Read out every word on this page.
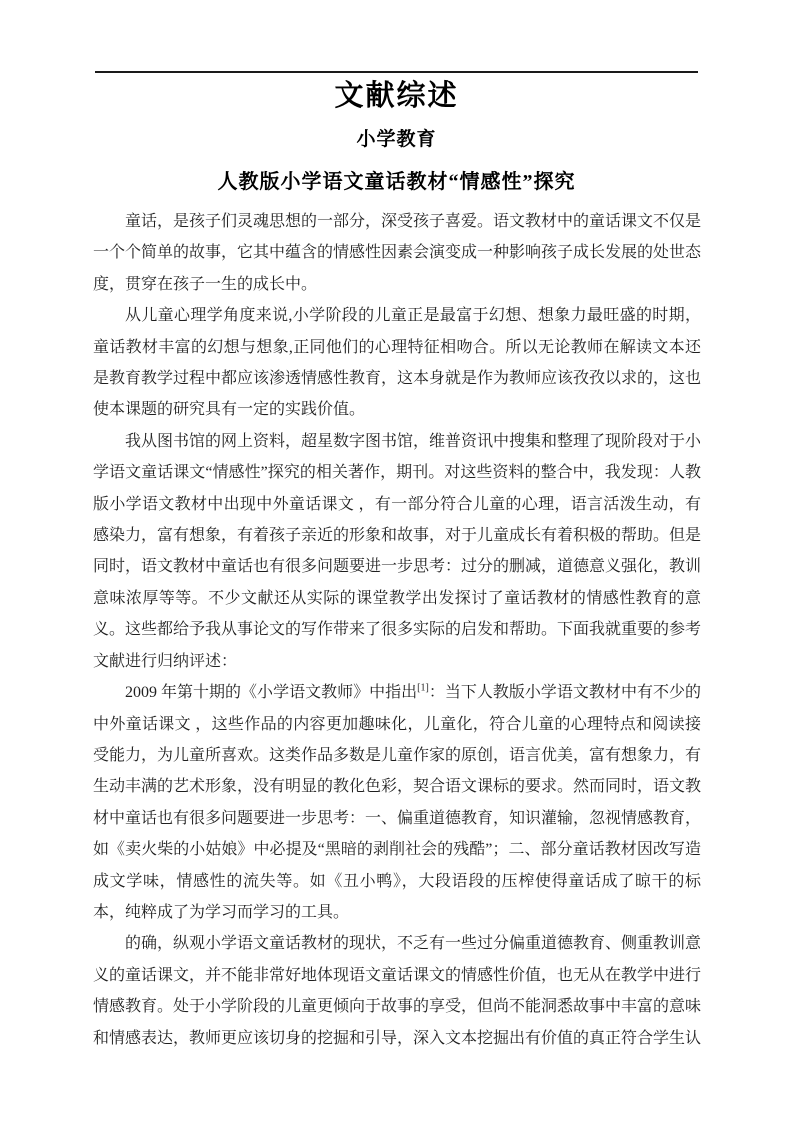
文献综述
小学教育
人教版小学语文童话教材“情感性”探究

童话，是孩子们灵魂思想的一部分，深受孩子喜爱。语文教材中的童话课文不仅是一个个简单的故事，它其中蕴含的情感性因素会演变成一种影响孩子成长发展的处世态度，贯穿在孩子一生的成长中。

从儿童心理学角度来说,小学阶段的儿童正是最富于幻想、想象力最旺盛的时期，童话教材丰富的幻想与想象,正同他们的心理特征相吻合。所以无论教师在解读文本还是教育教学过程中都应该渗透情感性教育，这本身就是作为教师应该孜孜以求的，这也使本课题的研究具有一定的实践价值。

我从图书馆的网上资料，超星数字图书馆，维普资讯中搜集和整理了现阶段对于小学语文童话课文“情感性”探究的相关著作，期刊。对这些资料的整合中，我发现：人教版小学语文教材中出现中外童话课文 ，有一部分符合儿童的心理，语言活泼生动，有感染力，富有想象，有着孩子亲近的形象和故事，对于儿童成长有着积极的帮助。但是同时，语文教材中童话也有很多问题要进一步思考：过分的删减，道德意义强化，教训意味浓厚等等。不少文献还从实际的课堂教学出发探讨了童话教材的情感性教育的意义。这些都给予我从事论文的写作带来了很多实际的启发和帮助。下面我就重要的参考文献进行归纳评述：

2009 年第十期的《小学语文教师》中指出[1]：当下人教版小学语文教材中有不少的中外童话课文 ，这些作品的内容更加趣味化，儿童化，符合儿童的心理特点和阅读接受能力，为儿童所喜欢。这类作品多数是儿童作家的原创，语言优美，富有想象力，有生动丰满的艺术形象，没有明显的教化色彩，契合语文课标的要求。然而同时，语文教材中童话也有很多问题要进一步思考：一、偏重道德教育，知识灌输，忽视情感教育，如《卖火柴的小姑娘》中必提及“黑暗的剥削社会的残酷”；二、部分童话教材因改写造成文学味，情感性的流失等。如《丑小鸭》，大段语段的压榨使得童话成了晾干的标本，纯粹成了为学习而学习的工具。

的确，纵观小学语文童话教材的现状，不乏有一些过分偏重道德教育、侧重教训意义的童话课文，并不能非常好地体现语文童话课文的情感性价值，也无从在教学中进行情感教育。处于小学阶段的儿童更倾向于故事的享受，但尚不能洞悉故事中丰富的意味和情感表达，教师更应该切身的挖掘和引导，深入文本挖掘出有价值的真正符合学生认
